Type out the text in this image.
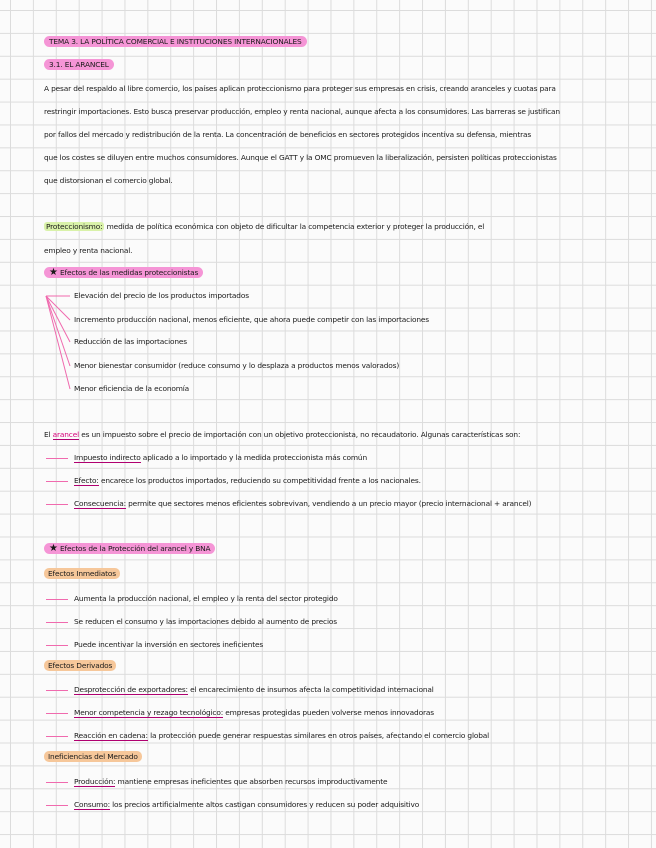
TEMA 3. LA POLÍTICA COMERCIAL E INSTITUCIONES INTERNACIONALES
3.1. EL ARANCEL
A pesar del respaldo al libre comercio, los países aplican proteccionismo para proteger sus empresas en crisis, creando aranceles y cuotas para
restringir importaciones. Esto busca preservar producción, empleo y renta nacional, aunque afecta a los consumidores. Las barreras se justifican
por fallos del mercado y redistribución de la renta. La concentración de beneficios en sectores protegidos incentiva su defensa, mientras
que los costes se diluyen entre muchos consumidores. Aunque el GATT y la OMC promueven la liberalización, persisten políticas proteccionistas
que distorsionan el comercio global.
Proteccionismo: medida de política económica con objeto de dificultar la competencia exterior y proteger la producción, el
empleo y renta nacional.
★ Efectos de las medidas proteccionistas
Elevación del precio de los productos importados
Incremento producción nacional, menos eficiente, que ahora puede competir con las importaciones
Reducción de las importaciones
Menor bienestar consumidor (reduce consumo y lo desplaza a productos menos valorados)
Menor eficiencia de la economía
El arancel es un impuesto sobre el precio de importación con un objetivo proteccionista, no recaudatorio. Algunas características son:
Impuesto indirecto aplicado a lo importado y la medida proteccionista más común
Efecto: encarece los productos importados, reduciendo su competitividad frente a los nacionales.
Consecuencia: permite que sectores menos eficientes sobrevivan, vendiendo a un precio mayor (precio internacional + arancel)
★ Efectos de la Protección del arancel y BNA
Efectos Inmediatos
Aumenta la producción nacional, el empleo y la renta del sector protegido
Se reducen el consumo y las importaciones debido al aumento de precios
Puede incentivar la inversión en sectores ineficientes
Efectos Derivados
Desprotección de exportadores: el encarecimiento de insumos afecta la competitividad internacional
Menor competencia y rezago tecnológico: empresas protegidas pueden volverse menos innovadoras
Reacción en cadena: la protección puede generar respuestas similares en otros países, afectando el comercio global
Ineficiencias del Mercado
Producción: mantiene empresas ineficientes que absorben recursos improductivamente
Consumo: los precios artificialmente altos castigan consumidores y reducen su poder adquisitivo
